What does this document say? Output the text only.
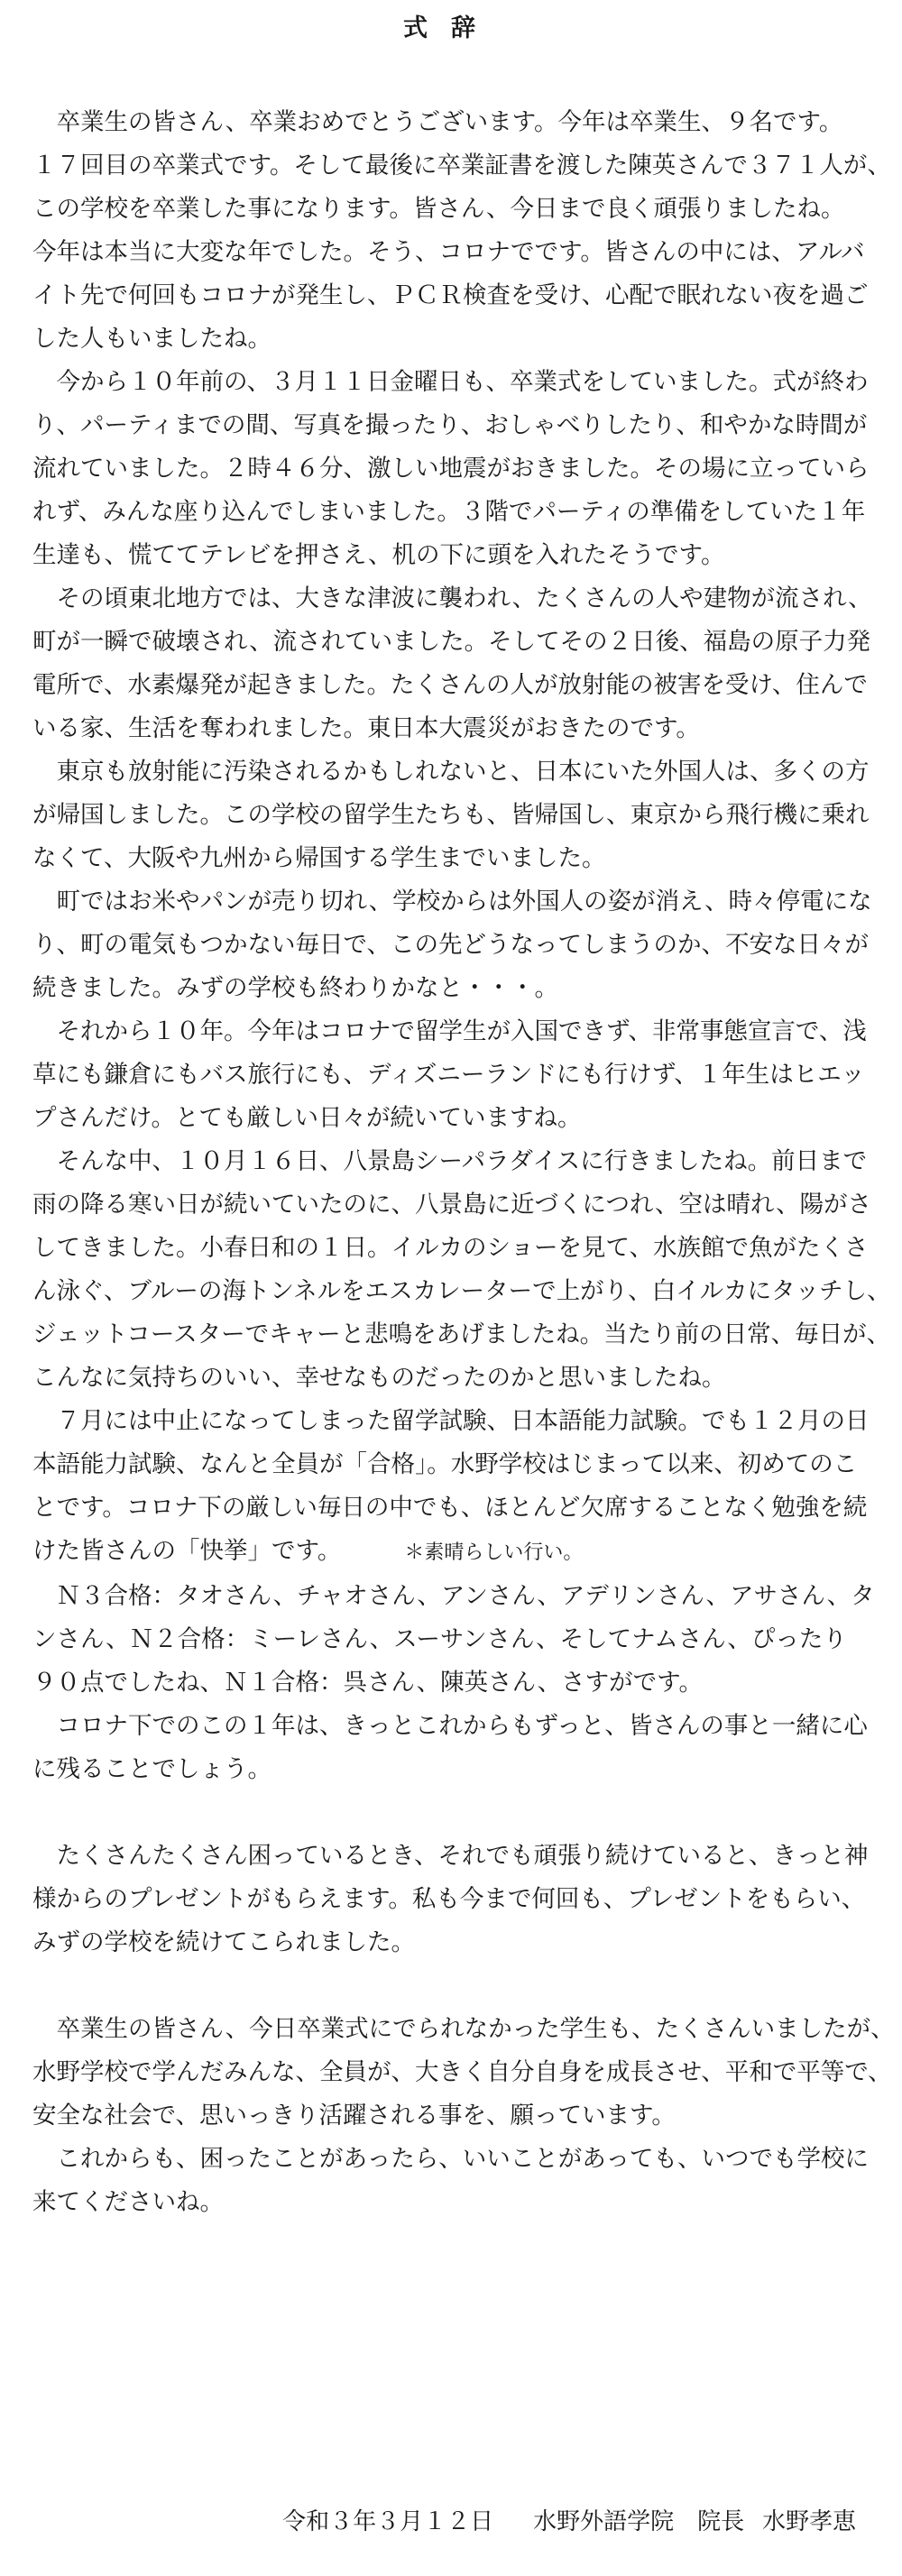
式辞
　卒業生の皆さん、卒業おめでとうございます。今年は卒業生、９名です。
１７回目の卒業式です。そして最後に卒業証書を渡した陳英さんで３７１人が、
この学校を卒業した事になります。皆さん、今日まで良く頑張りましたね。
今年は本当に大変な年でした。そう、コロナでです。皆さんの中には、アルバ
イト先で何回もコロナが発生し、ＰＣＲ検査を受け、心配で眠れない夜を過ご
した人もいましたね。
　今から１０年前の、３月１１日金曜日も、卒業式をしていました。式が終わ
り、パーティまでの間、写真を撮ったり、おしゃべりしたり、和やかな時間が
流れていました。２時４６分、激しい地震がおきました。その場に立っていら
れず、みんな座り込んでしまいました。３階でパーティの準備をしていた１年
生達も、慌ててテレビを押さえ、机の下に頭を入れたそうです。
　その頃東北地方では、大きな津波に襲われ、たくさんの人や建物が流され、
町が一瞬で破壊され、流されていました。そしてその２日後、福島の原子力発
電所で、水素爆発が起きました。たくさんの人が放射能の被害を受け、住んで
いる家、生活を奪われました。東日本大震災がおきたのです。
　東京も放射能に汚染されるかもしれないと、日本にいた外国人は、多くの方
が帰国しました。この学校の留学生たちも、皆帰国し、東京から飛行機に乗れ
なくて、大阪や九州から帰国する学生までいました。
　町ではお米やパンが売り切れ、学校からは外国人の姿が消え、時々停電にな
り、町の電気もつかない毎日で、この先どうなってしまうのか、不安な日々が
続きました。みずの学校も終わりかなと・・・。
　それから１０年。今年はコロナで留学生が入国できず、非常事態宣言で、浅
草にも鎌倉にもバス旅行にも、ディズニーランドにも行けず、１年生はヒエッ
プさんだけ。とても厳しい日々が続いていますね。
　そんな中、１０月１６日、八景島シーパラダイスに行きましたね。前日まで
雨の降る寒い日が続いていたのに、八景島に近づくにつれ、空は晴れ、陽がさ
してきました。小春日和の１日。イルカのショーを見て、水族館で魚がたくさ
ん泳ぐ、ブルーの海トンネルをエスカレーターで上がり、白イルカにタッチし、
ジェットコースターでキャーと悲鳴をあげましたね。当たり前の日常、毎日が、
こんなに気持ちのいい、幸せなものだったのかと思いましたね。
　７月には中止になってしまった留学試験、日本語能力試験。でも１２月の日
本語能力試験、なんと全員が「合格」。水野学校はじまって以来、初めてのこ
とです。コロナ下の厳しい毎日の中でも、ほとんど欠席することなく勉強を続
けた皆さんの「快挙」です。	＊素晴らしい行い。
　Ｎ３合格：タオさん、チャオさん、アンさん、アデリンさん、アサさん、タ
ンさん、Ｎ２合格：ミーレさん、スーサンさん、そしてナムさん、ぴったり
９０点でしたね、Ｎ１合格：呉さん、陳英さん、さすがです。
　コロナ下でのこの１年は、きっとこれからもずっと、皆さんの事と一緒に心
に残ることでしょう。
　たくさんたくさん困っているとき、それでも頑張り続けていると、きっと神
様からのプレゼントがもらえます。私も今まで何回も、プレゼントをもらい、
みずの学校を続けてこられました。
　卒業生の皆さん、今日卒業式にでられなかった学生も、たくさんいましたが、
水野学校で学んだみんな、全員が、大きく自分自身を成長させ、平和で平等で、
安全な社会で、思いっきり活躍される事を、願っています。
　これからも、困ったことがあったら、いいことがあっても、いつでも学校に
来てくださいね。

令和３年３月１２日 水野外語学院 院長 水野孝恵
